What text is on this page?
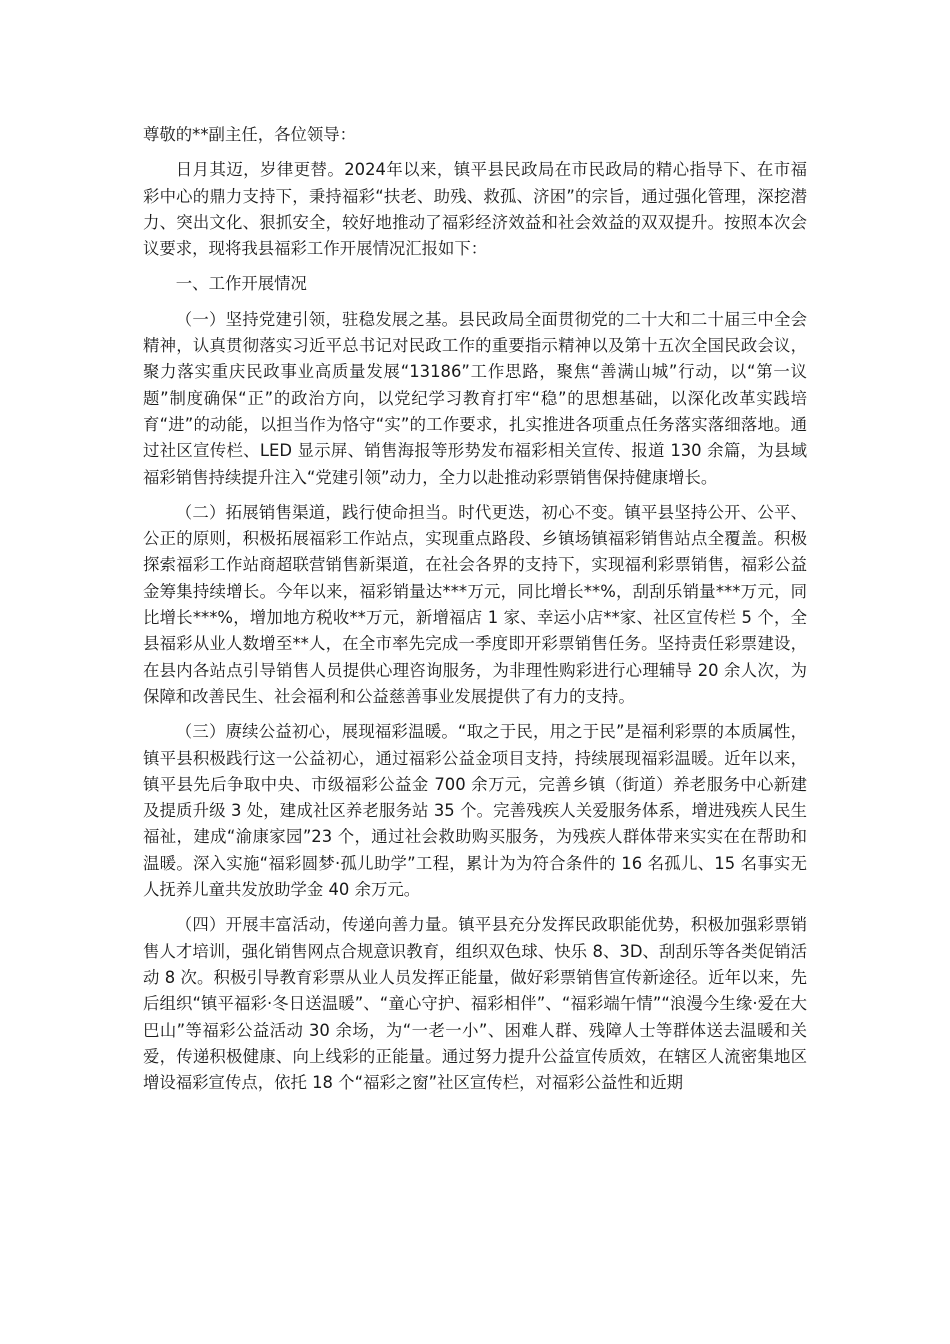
尊敬的**副主任，各位领导：

日月其迈，岁律更替。2024年以来，镇平县民政局在市民政局的精心指导下、在市福彩中心的鼎力支持下，秉持福彩“扶老、助残、救孤、济困”的宗旨，通过强化管理，深挖潜力、突出文化、狠抓安全，较好地推动了福彩经济效益和社会效益的双双提升。按照本次会议要求，现将我县福彩工作开展情况汇报如下：

一、工作开展情况

（一）坚持党建引领，驻稳发展之基。县民政局全面贯彻党的二十大和二十届三中全会精神，认真贯彻落实习近平总书记对民政工作的重要指示精神以及第十五次全国民政会议，聚力落实重庆民政事业高质量发展“13186”工作思路，聚焦“善满山城”行动，以“第一议题”制度确保“正”的政治方向，以党纪学习教育打牢“稳”的思想基础，以深化改革实践培育“进”的动能，以担当作为恪守“实”的工作要求，扎实推进各项重点任务落实落细落地。通过社区宣传栏、LED 显示屏、销售海报等形势发布福彩相关宣传、报道 130 余篇，为县域福彩销售持续提升注入“党建引领”动力，全力以赴推动彩票销售保持健康增长。

（二）拓展销售渠道，践行使命担当。时代更迭，初心不变。镇平县坚持公开、公平、公正的原则，积极拓展福彩工作站点，实现重点路段、乡镇场镇福彩销售站点全覆盖。积极探索福彩工作站商超联营销售新渠道，在社会各界的支持下，实现福利彩票销售，福彩公益金筹集持续增长。今年以来，福彩销量达***万元，同比增长**%，刮刮乐销量***万元，同比增长***%，增加地方税收**万元，新增福店 1 家、幸运小店**家、社区宣传栏 5 个，全县福彩从业人数增至**人，在全市率先完成一季度即开彩票销售任务。坚持责任彩票建设，在县内各站点引导销售人员提供心理咨询服务，为非理性购彩进行心理辅导 20 余人次，为保障和改善民生、社会福利和公益慈善事业发展提供了有力的支持。

（三）赓续公益初心，展现福彩温暖。“取之于民，用之于民”是福利彩票的本质属性，镇平县积极践行这一公益初心，通过福彩公益金项目支持，持续展现福彩温暖。近年以来，镇平县先后争取中央、市级福彩公益金 700 余万元，完善乡镇（街道）养老服务中心新建及提质升级 3 处，建成社区养老服务站 35 个。完善残疾人关爱服务体系，增进残疾人民生福祉，建成“渝康家园”23 个，通过社会救助购买服务，为残疾人群体带来实实在在帮助和温暖。深入实施“福彩圆梦·孤儿助学”工程，累计为为符合条件的 16 名孤儿、15 名事实无人抚养儿童共发放助学金 40 余万元。

（四）开展丰富活动，传递向善力量。镇平县充分发挥民政职能优势，积极加强彩票销售人才培训，强化销售网点合规意识教育，组织双色球、快乐 8、3D、刮刮乐等各类促销活动 8 次。积极引导教育彩票从业人员发挥正能量，做好彩票销售宣传新途径。近年以来，先后组织“镇平福彩·冬日送温暖”、“童心守护、福彩相伴”、“福彩端午情”“浪漫今生缘·爱在大巴山”等福彩公益活动 30 余场，为“一老一小”、困难人群、残障人士等群体送去温暖和关爱，传递积极健康、向上线彩的正能量。通过努力提升公益宣传质效，在辖区人流密集地区增设福彩宣传点，依托 18 个“福彩之窗”社区宣传栏，对福彩公益性和近期
